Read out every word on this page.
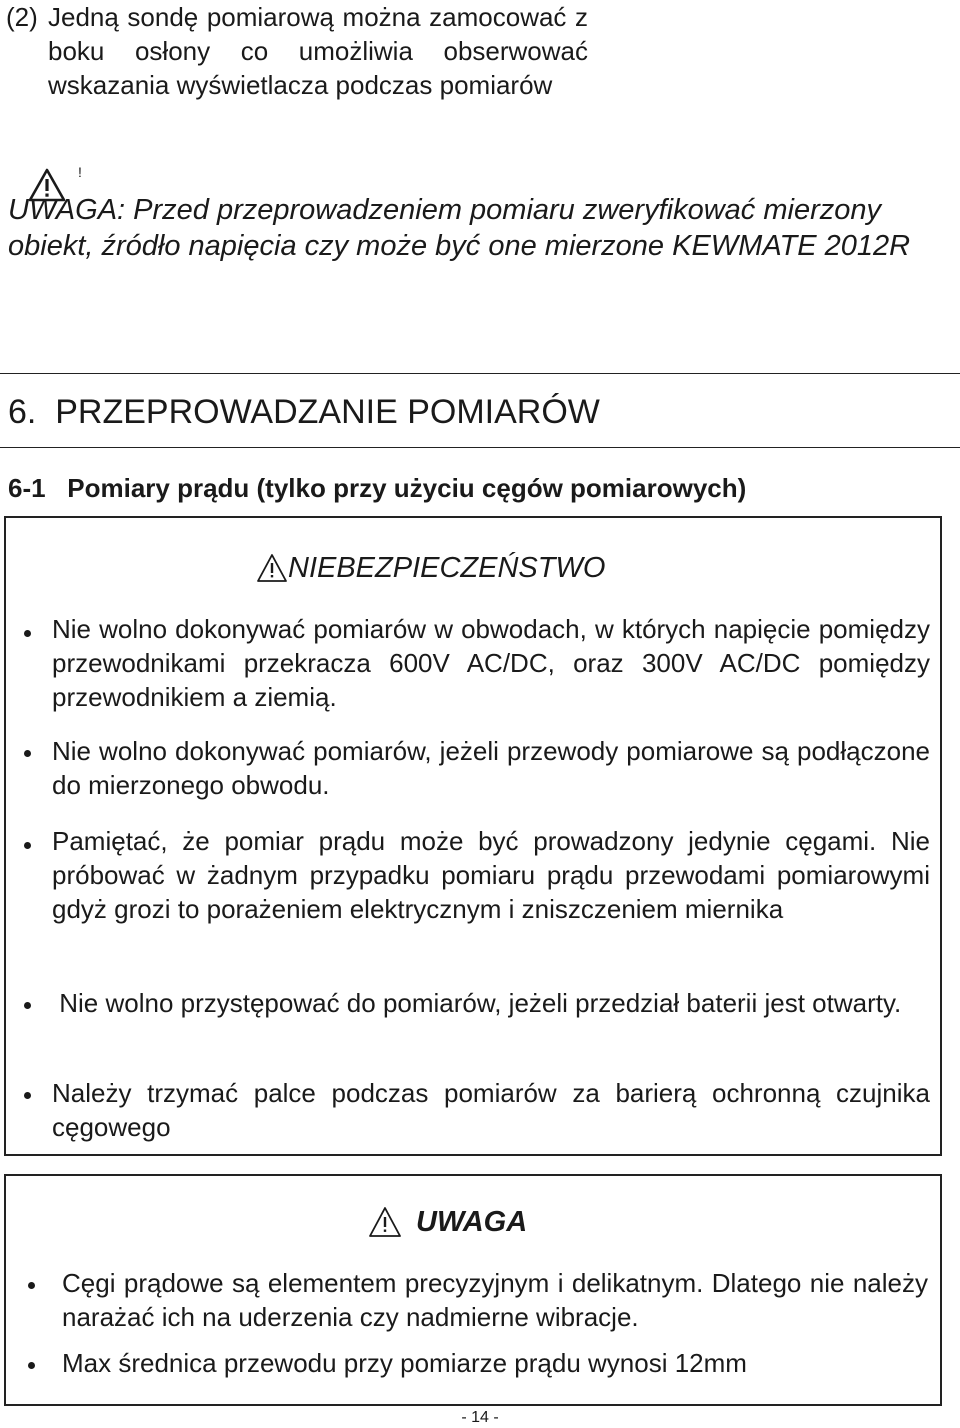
(2) Jedną sondę pomiarową można zamocować z boku osłony co umożliwia obserwować wskazania wyświetlacza podczas pomiarów
!
UWAGA: Przed przeprowadzeniem pomiaru zweryfikować mierzony obiekt, źródło napięcia czy może być one mierzone KEWMATE 2012R
6.  PRZEPROWADZANIE POMIARÓW
6-1   Pomiary prądu (tylko przy użyciu cęgów pomiarowych)
NIEBEZPIECZEŃSTWO
Nie wolno dokonywać pomiarów w obwodach, w których napięcie pomiędzy przewodnikami przekracza 600V AC/DC, oraz 300V AC/DC pomiędzy przewodnikiem a ziemią.
Nie wolno dokonywać pomiarów, jeżeli przewody pomiarowe są podłączone do mierzonego obwodu.
Pamiętać, że pomiar prądu może być prowadzony jedynie cęgami. Nie próbować w żadnym przypadku pomiaru prądu przewodami pomiarowymi gdyż grozi to porażeniem elektrycznym i zniszczeniem miernika
Nie wolno przystępować do pomiarów, jeżeli przedział baterii jest otwarty.
Należy trzymać palce podczas pomiarów za barierą ochronną czujnika cęgowego
UWAGA
Cęgi prądowe są elementem precyzyjnym i delikatnym. Dlatego nie należy narażać ich na uderzenia czy nadmierne wibracje.
Max średnica przewodu przy pomiarze prądu wynosi 12mm
- 14 -
